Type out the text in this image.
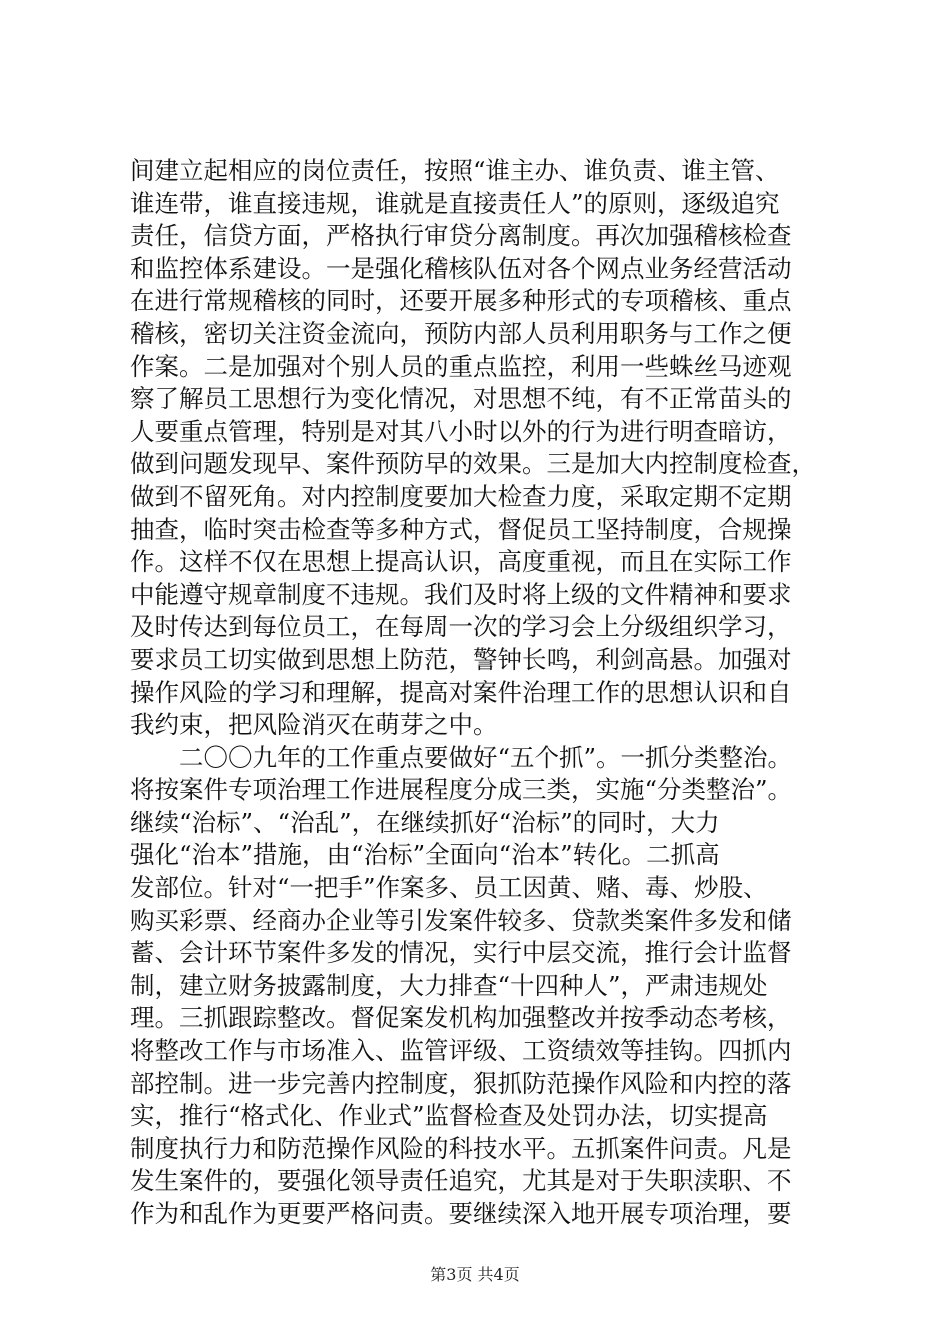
间建立起相应的岗位责任，按照“谁主办、谁负责、谁主管、
谁连带，谁直接违规，谁就是直接责任人”的原则，逐级追究
责任，信贷方面，严格执行审贷分离制度。再次加强稽核检查
和监控体系建设。一是强化稽核队伍对各个网点业务经营活动
在进行常规稽核的同时，还要开展多种形式的专项稽核、重点
稽核，密切关注资金流向，预防内部人员利用职务与工作之便
作案。二是加强对个别人员的重点监控，利用一些蛛丝马迹观
察了解员工思想行为变化情况，对思想不纯，有不正常苗头的
人要重点管理，特别是对其八小时以外的行为进行明查暗访，
做到问题发现早、案件预防早的效果。三是加大内控制度检查，
做到不留死角。对内控制度要加大检查力度，采取定期不定期
抽查，临时突击检查等多种方式，督促员工坚持制度，合规操
作。这样不仅在思想上提高认识，高度重视，而且在实际工作
中能遵守规章制度不违规。我们及时将上级的文件精神和要求
及时传达到每位员工，在每周一次的学习会上分级组织学习，
要求员工切实做到思想上防范，警钟长鸣，利剑高悬。加强对
操作风险的学习和理解，提高对案件治理工作的思想认识和自
我约束，把风险消灭在萌芽之中。
　　二〇〇九年的工作重点要做好“五个抓”。一抓分类整治。
将按案件专项治理工作进展程度分成三类，实施“分类整治”。
继续“治标”、“治乱”，在继续抓好“治标”的同时，大力
强化“治本”措施，由“治标”全面向“治本”转化。二抓高
发部位。针对“一把手”作案多、员工因黄、赌、毒、炒股、
购买彩票、经商办企业等引发案件较多、贷款类案件多发和储
蓄、会计环节案件多发的情况，实行中层交流，推行会计监督
制，建立财务披露制度，大力排查“十四种人”，严肃违规处
理。三抓跟踪整改。督促案发机构加强整改并按季动态考核，
将整改工作与市场准入、监管评级、工资绩效等挂钩。四抓内
部控制。进一步完善内控制度，狠抓防范操作风险和内控的落
实，推行“格式化、作业式”监督检查及处罚办法，切实提高
制度执行力和防范操作风险的科技水平。五抓案件问责。凡是
发生案件的，要强化领导责任追究，尤其是对于失职渎职、不
作为和乱作为更要严格问责。要继续深入地开展专项治理，要
第3页 共4页
